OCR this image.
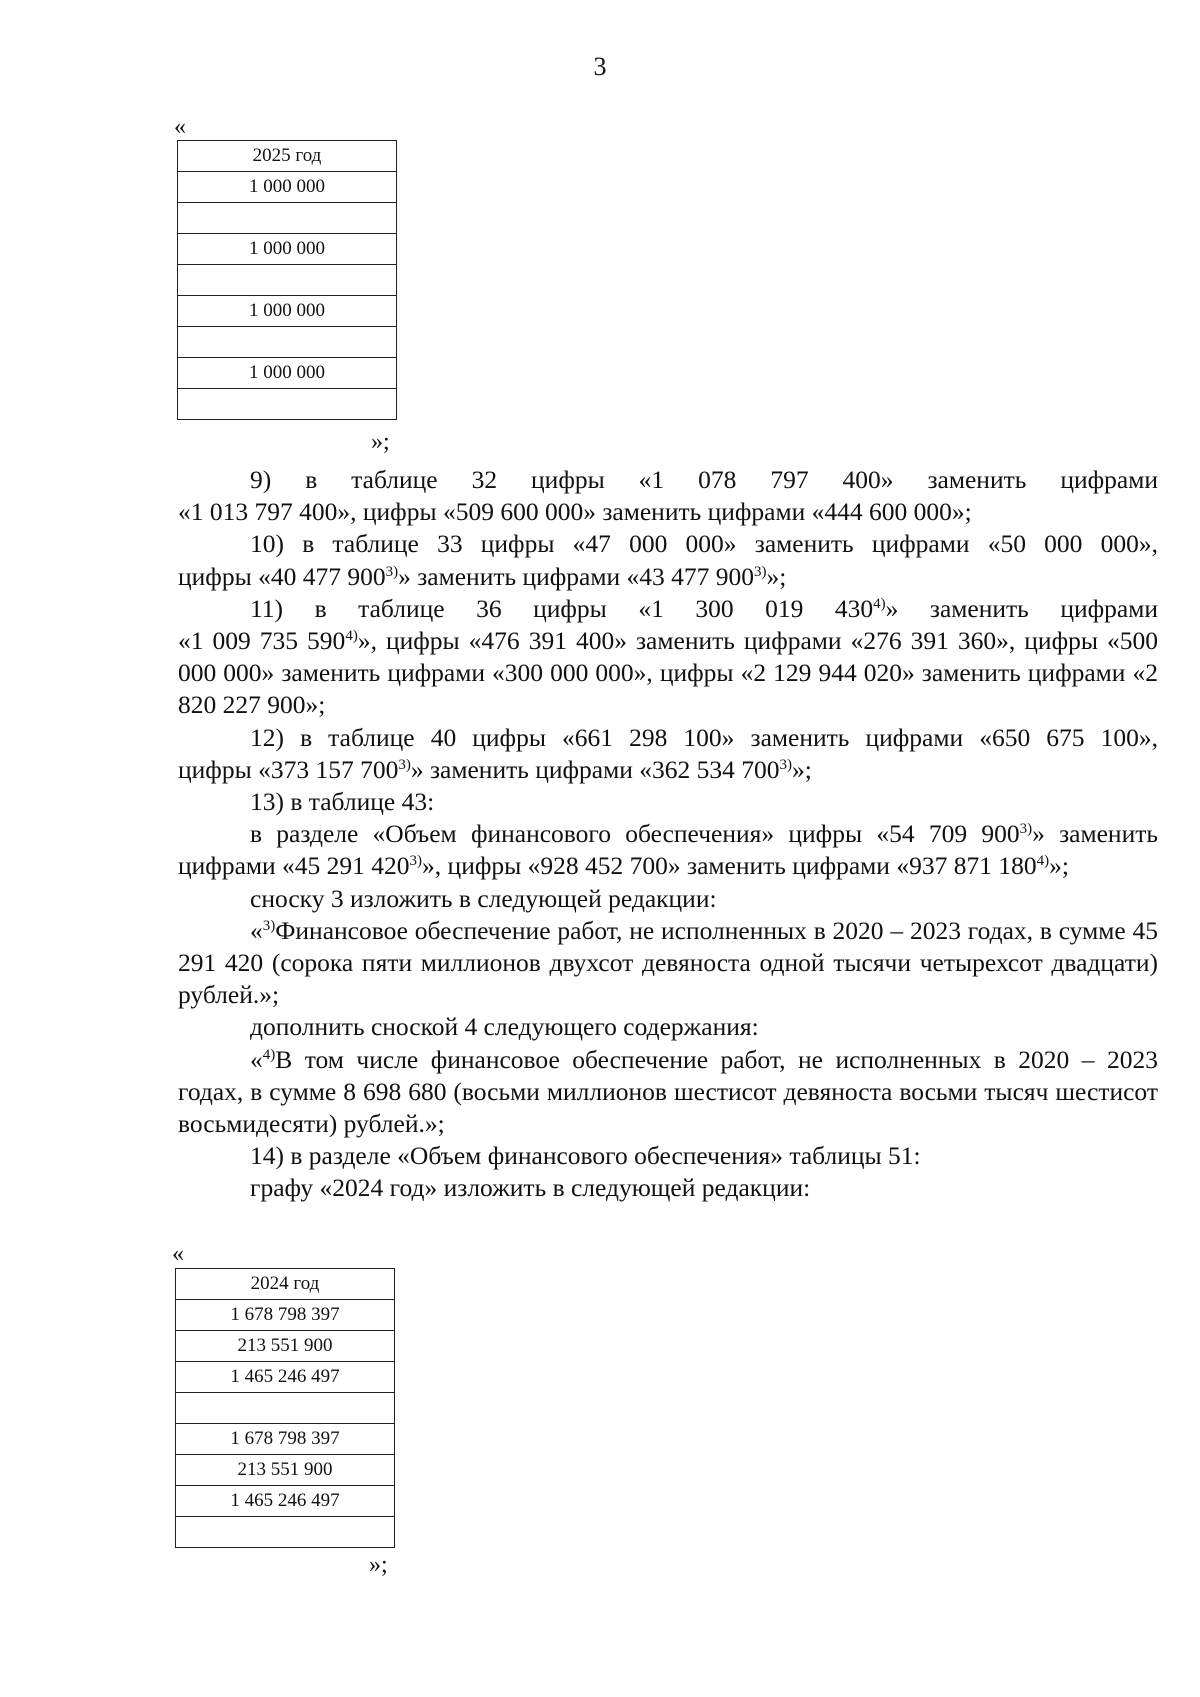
3
«
2025 год
1 000 000

1 000 000

1 000 000

1 000 000

»;

9) в таблице 32 цифры «1 078 797 400» заменить цифрами

«1 013 797 400», цифры «509 600 000» заменить цифрами «444 600 000»;

10) в таблице 33 цифры «47 000 000» заменить цифрами «50 000 000»,

цифры «40 477 900$^{3)}$» заменить цифрами «43 477 900$^{3)}$»;

11) в таблице 36 цифры «1 300 019 430$^{4)}$» заменить цифрами

«1 009 735 590$^{4)}$», цифры «476 391 400» заменить цифрами «276 391 360», цифры «500 000 000» заменить цифрами «300 000 000», цифры «2 129 944 020» заменить цифрами «2 820 227 900»;

12) в таблице 40 цифры «661 298 100» заменить цифрами «650 675 100»,

цифры «373 157 700$^{3)}$» заменить цифрами «362 534 700$^{3)}$»;

13) в таблице 43:

в разделе «Объем финансового обеспечения» цифры «54 709 900$^{3)}$» заменить цифрами «45 291 420$^{3)}$», цифры «928 452 700» заменить цифрами «937 871 180$^{4)}$»;

сноску 3 изложить в следующей редакции:

«$^{3)}$Финансовое обеспечение работ, не исполненных в 2020 – 2023 годах, в сумме 45 291 420 (сорока пяти миллионов двухсот девяноста одной тысячи четырехсот двадцати) рублей.»;

дополнить сноской 4 следующего содержания:

«$^{4)}$В том числе финансовое обеспечение работ, не исполненных в 2020 – 2023 годах, в сумме 8 698 680 (восьми миллионов шестисот девяноста восьми тысяч шестисот восьмидесяти) рублей.»;

14) в разделе «Объем финансового обеспечения» таблицы 51:

графу «2024 год» изложить в следующей редакции:

«
2024 год
1 678 798 397
213 551 900
1 465 246 497

1 678 798 397
213 551 900
1 465 246 497

»;
